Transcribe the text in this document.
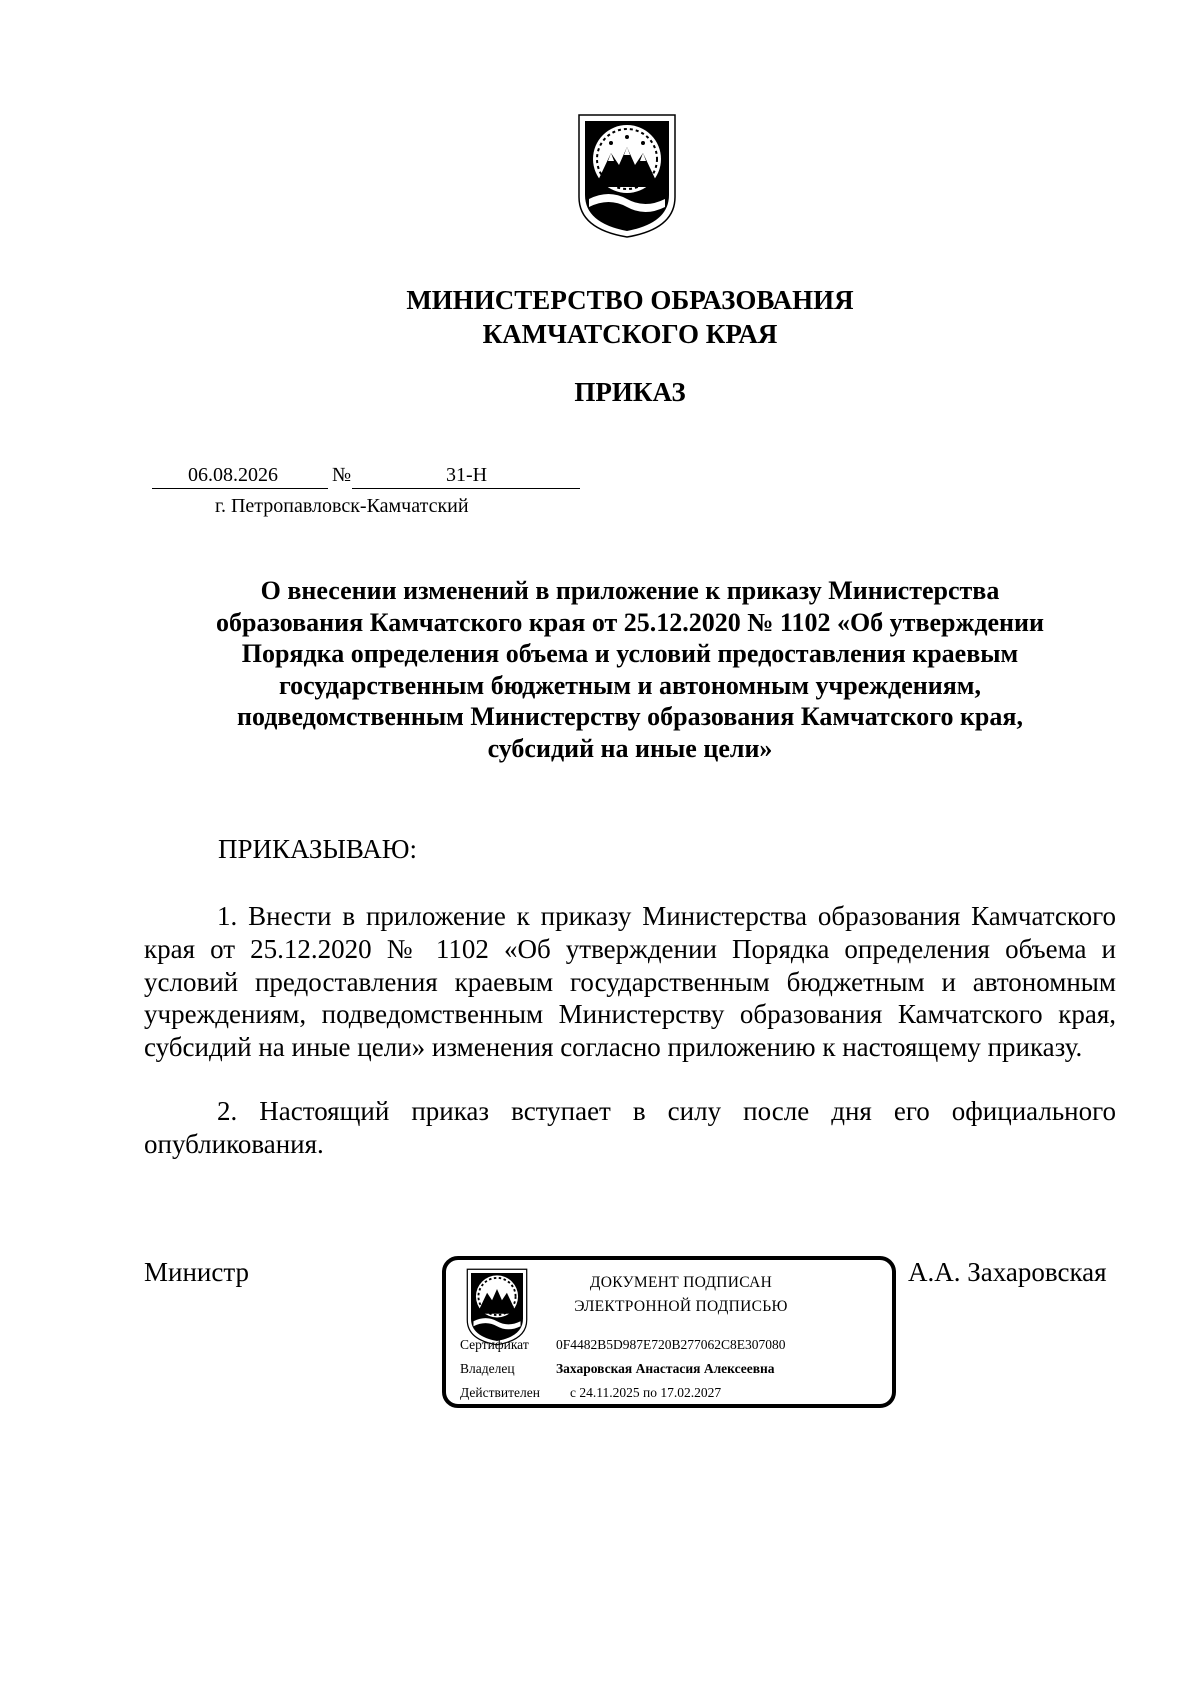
МИНИСТЕРСТВО ОБРАЗОВАНИЯ
КАМЧАТСКОГО КРАЯ
ПРИКАЗ
06.08.2026	№	31-Н
г. Петропавловск-Камчатский
О внесении изменений в приложение к приказу Министерства
образования Камчатского края от 25.12.2020 № 1102 «Об утверждении
Порядка определения объема и условий предоставления краевым
государственным бюджетным и автономным учреждениям,
подведомственным Министерству образования Камчатского края,
субсидий на иные цели»
ПРИКАЗЫВАЮ:

1. Внести в приложение к приказу Министерства образования Камчатского края от 25.12.2020 № 1102 «Об утверждении Порядка определения объема и условий предоставления краевым государственным бюджетным и автономным учреждениям, подведомственным Министерству образования Камчатского края, субсидий на иные цели» изменения согласно приложению к настоящему приказу.

2. Настоящий приказ вступает в силу после дня его официального опубликования.

Министр	А.А. Захаровская
ДОКУМЕНТ ПОДПИСАН
ЭЛЕКТРОННОЙ ПОДПИСЬЮ
Сертификат 0F4482B5D987E720B277062C8E307080
Владелец	Захаровская Анастасия Алексеевна
Действителен с 24.11.2025 по 17.02.2027
